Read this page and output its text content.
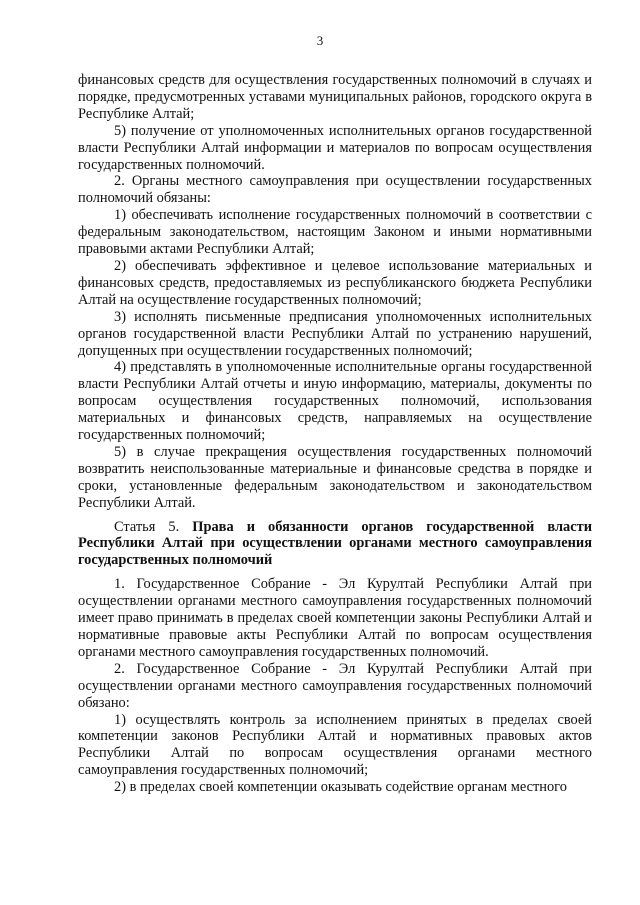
3

финансовых средств для осуществления государственных полномочий в случаях и порядке, предусмотренных уставами муниципальных районов, городского округа в Республике Алтай;

5) получение от уполномоченных исполнительных органов государственной власти Республики Алтай информации и материалов по вопросам осуществления государственных полномочий.

2. Органы местного самоуправления при осуществлении государственных полномочий обязаны:

1) обеспечивать исполнение государственных полномочий в соответствии с федеральным законодательством, настоящим Законом и иными нормативными правовыми актами Республики Алтай;

2) обеспечивать эффективное и целевое использование материальных и финансовых средств, предоставляемых из республиканского бюджета Республики Алтай на осуществление государственных полномочий;

3) исполнять письменные предписания уполномоченных исполнительных органов государственной власти Республики Алтай по устранению нарушений, допущенных при осуществлении государственных полномочий;

4) представлять в уполномоченные исполнительные органы государственной власти Республики Алтай отчеты и иную информацию, материалы, документы по вопросам осуществления государственных полномочий, использования материальных и финансовых средств, направляемых на осуществление государственных полномочий;

5) в случае прекращения осуществления государственных полномочий возвратить неиспользованные материальные и финансовые средства в порядке и сроки, установленные федеральным законодательством и законодательством Республики Алтай.

Статья 5. Права и обязанности органов государственной власти Республики Алтай при осуществлении органами местного самоуправления государственных полномочий

1. Государственное Собрание - Эл Курултай Республики Алтай при осуществлении органами местного самоуправления государственных полномочий имеет право принимать в пределах своей компетенции законы Республики Алтай и нормативные правовые акты Республики Алтай по вопросам осуществления органами местного самоуправления государственных полномочий.

2. Государственное Собрание - Эл Курултай Республики Алтай при осуществлении органами местного самоуправления государственных полномочий обязано:

1) осуществлять контроль за исполнением принятых в пределах своей компетенции законов Республики Алтай и нормативных правовых актов Республики Алтай по вопросам осуществления органами местного самоуправления государственных полномочий;

2) в пределах своей компетенции оказывать содействие органам местного
